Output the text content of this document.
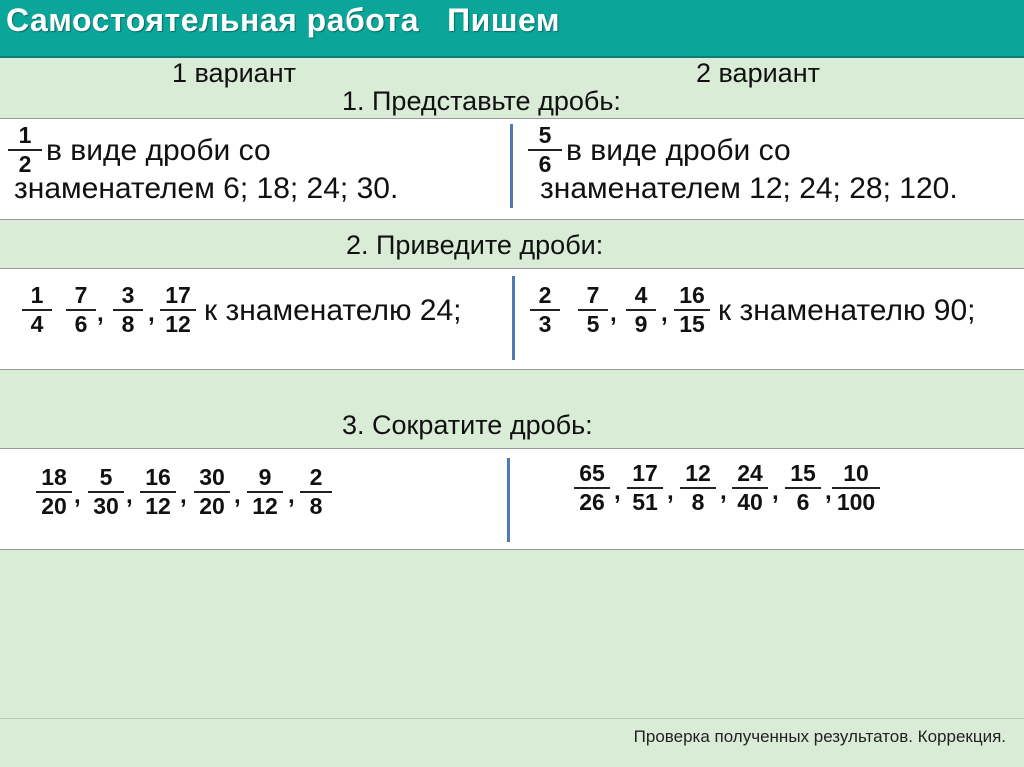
Самостоятельная работа   Пишем
1 вариант	2 вариант
1. Представьте дробь:
1
2 в виде дроби со
знаменателем 6; 18; 24; 30.
5
6 в виде дроби со
знаменателем 12; 24; 28; 120.
2. Приведите дроби:
1
4
7
6 ,
3
8 ,
17
12 к знаменателю 24;	2
3
7
5 ,
4
9 ,
16
15 к знаменателю 90;
3. Сократите дробь:
18
20 ,
5
30 ,
16
12 ,
30
20 ,
9
12 ,
2
8
65
26 ,
17
51 ,
12
8 ,
24
40 ,
15
6 ,
10
100
Проверка полученных результатов. Коррекция.
